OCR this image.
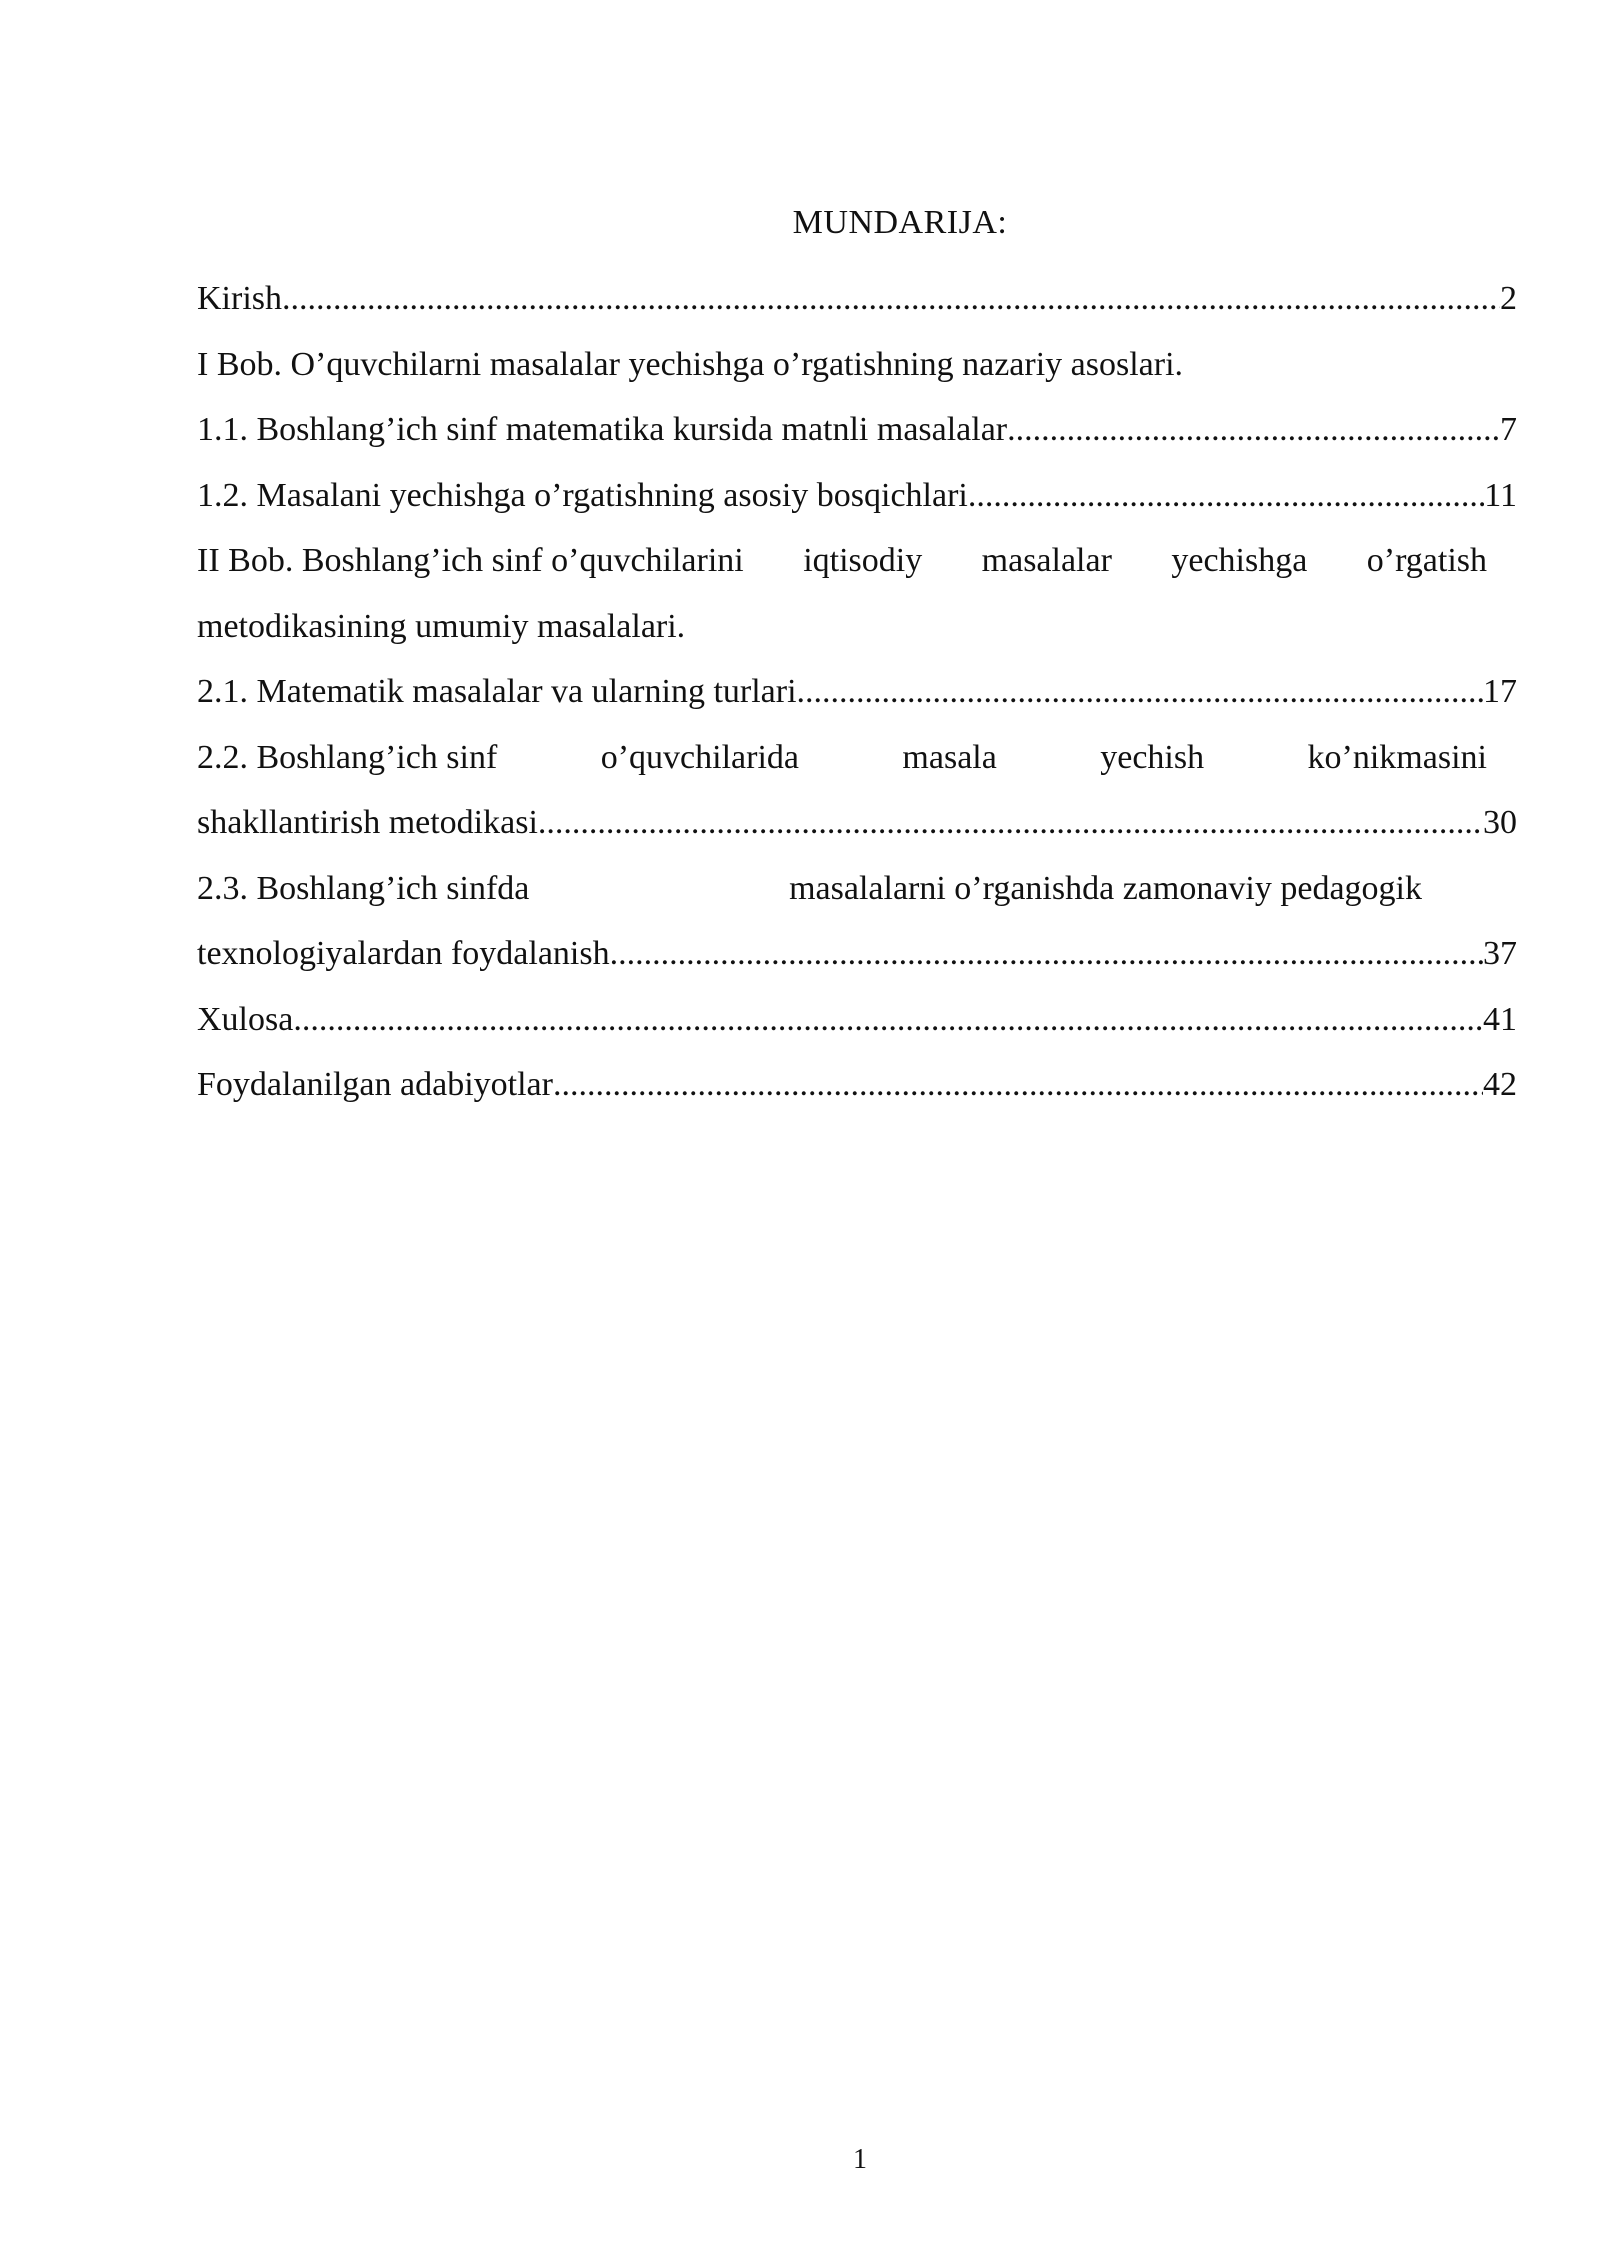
MUNDARIJA:
Kirish .....	2
I Bob. O’quvchilarni masalalar yechishga o’rgatishning nazariy asoslari.
1.1. Boshlang’ich sinf matematika kursida matnli masalalar .....	7
1.2. Masalani yechishga o’rgatishning asosiy bosqichlari .....	11
II Bob. Boshlang’ich sinf o’quvchilarini iqtisodiy masalalar yechishga o’rgatish
metodikasining umumiy masalalari.
2.1. Matematik masalalar va ularning turlari .....	17
2.2. Boshlang’ich sinf	o’quvchilarida	masala	yechish	ko’nikmasini
shakllantirish metodikasi .....	30
2.3. Boshlang’ich sinfda	masalalarni o’rganishda zamonaviy pedagogik
texnologiyalardan foydalanish .....	37
Xulosa .....	41
Foydalanilgan adabiyotlar .....	42
1
